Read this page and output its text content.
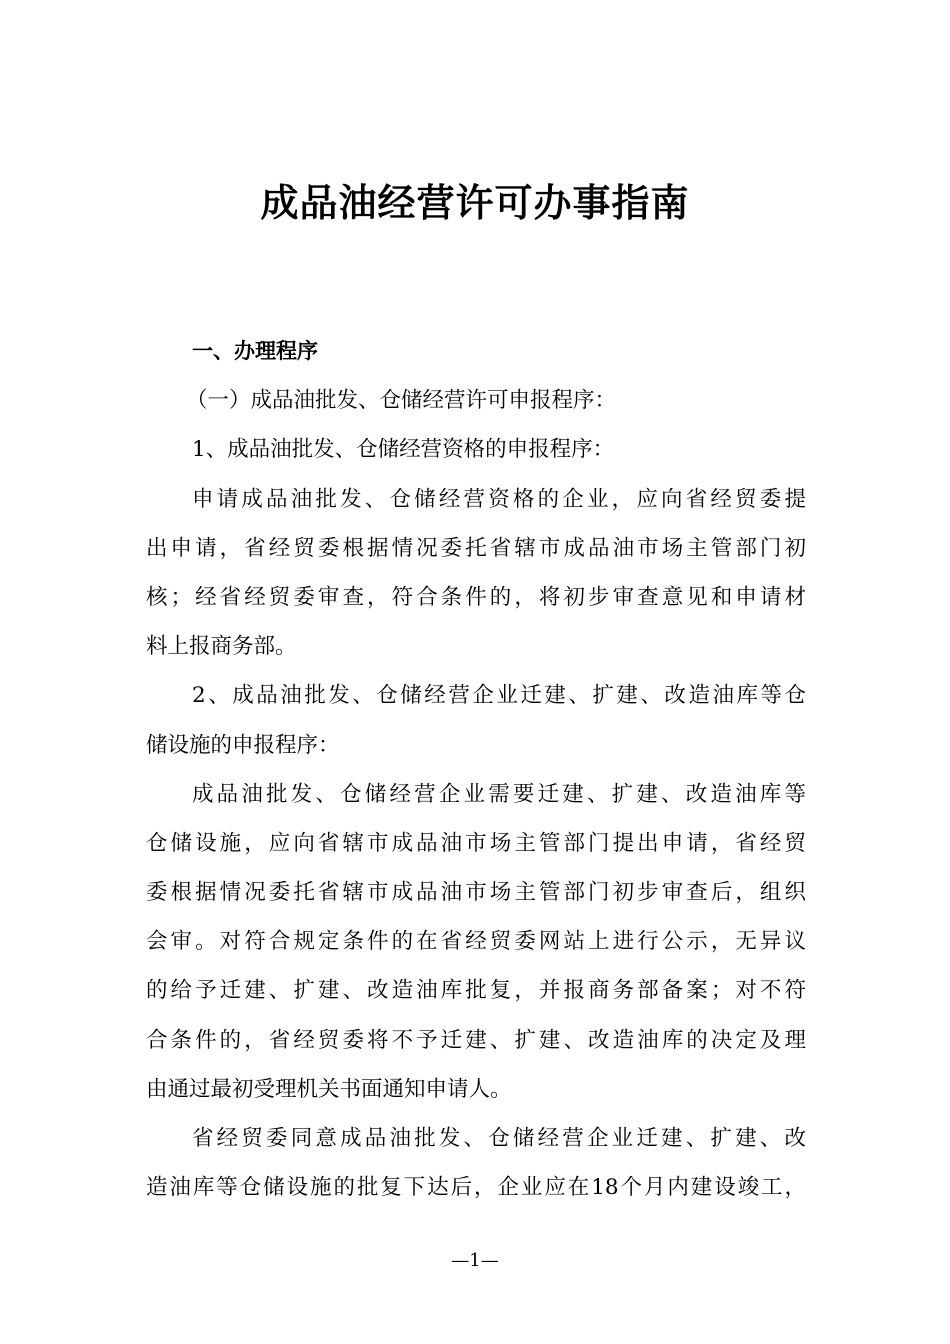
成品油经营许可办事指南
一、办理程序
（一）成品油批发、仓储经营许可申报程序：
1、成品油批发、仓储经营资格的申报程序：
申请成品油批发、仓储经营资格的企业，应向省经贸委提
出申请，省经贸委根据情况委托省辖市成品油市场主管部门初
核；经省经贸委审查，符合条件的，将初步审查意见和申请材
料上报商务部。
2、成品油批发、仓储经营企业迁建、扩建、改造油库等仓
储设施的申报程序：
成品油批发、仓储经营企业需要迁建、扩建、改造油库等
仓储设施，应向省辖市成品油市场主管部门提出申请，省经贸
委根据情况委托省辖市成品油市场主管部门初步审查后，组织
会审。对符合规定条件的在省经贸委网站上进行公示，无异议
的给予迁建、扩建、改造油库批复，并报商务部备案；对不符
合条件的，省经贸委将不予迁建、扩建、改造油库的决定及理
由通过最初受理机关书面通知申请人。
省经贸委同意成品油批发、仓储经营企业迁建、扩建、改
造油库等仓储设施的批复下达后，企业应在18个月内建设竣工，
—1—
